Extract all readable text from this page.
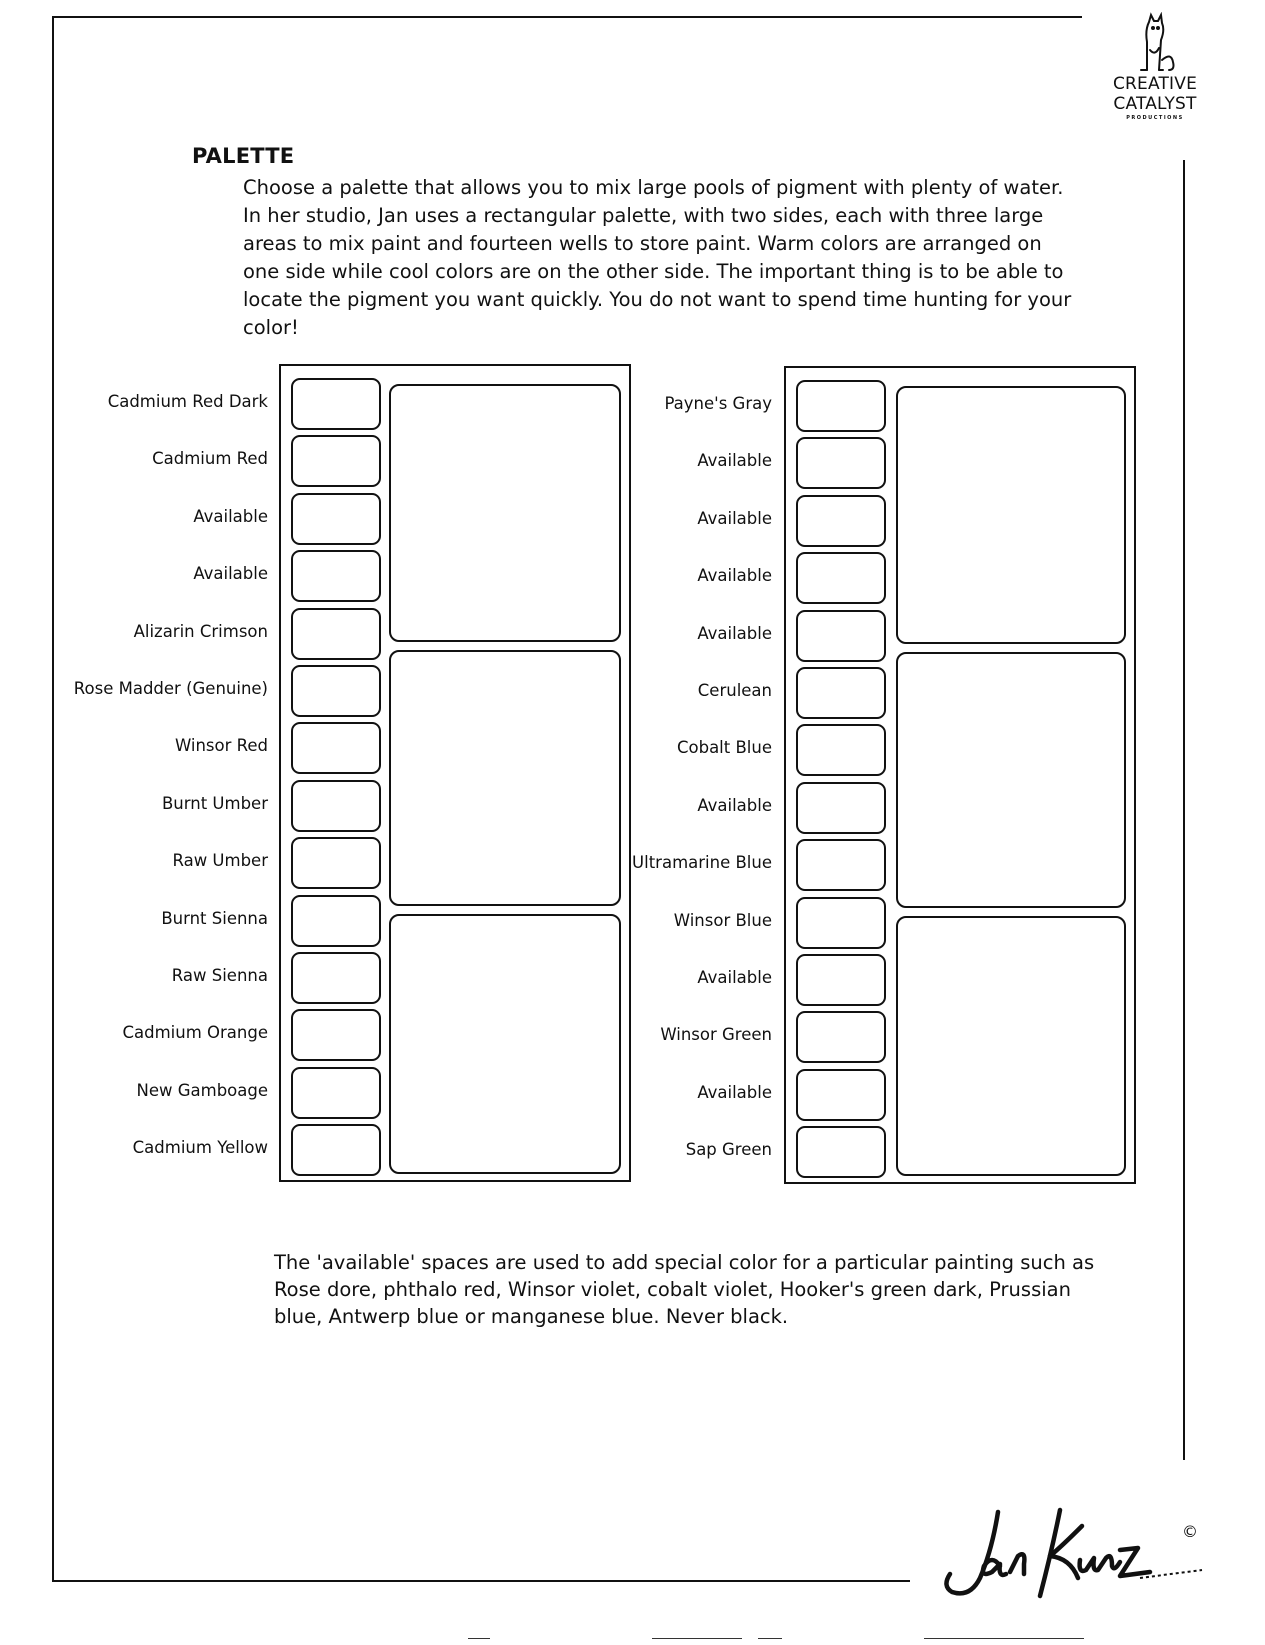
CREATIVE
CATALYST
PRODUCTIONS
PALETTE
Choose a palette that allows you to mix large pools of pigment with plenty of water. In her studio, Jan uses a rectangular palette, with two sides, each with three large areas to mix paint and fourteen wells to store paint. Warm colors are arranged on one side while cool colors are on the other side. The important thing is to be able to locate the pigment you want quickly. You do not want to spend time hunting for your color!
Cadmium Red Dark
Cadmium Red
Available
Available
Alizarin Crimson
Rose Madder (Genuine)
Winsor Red
Burnt Umber
Raw Umber
Burnt Sienna
Raw Sienna
Cadmium Orange
New Gamboage
Cadmium Yellow
Payne's Gray
Available
Available
Available
Available
Cerulean
Cobalt Blue
Available
Ultramarine Blue
Winsor Blue
Available
Winsor Green
Available
Sap Green
The 'available' spaces are used to add special color for a particular painting such as Rose dore, phthalo red, Winsor violet, cobalt violet, Hooker's green dark, Prussian blue, Antwerp blue or manganese blue. Never black.
Jan Kunz
©
